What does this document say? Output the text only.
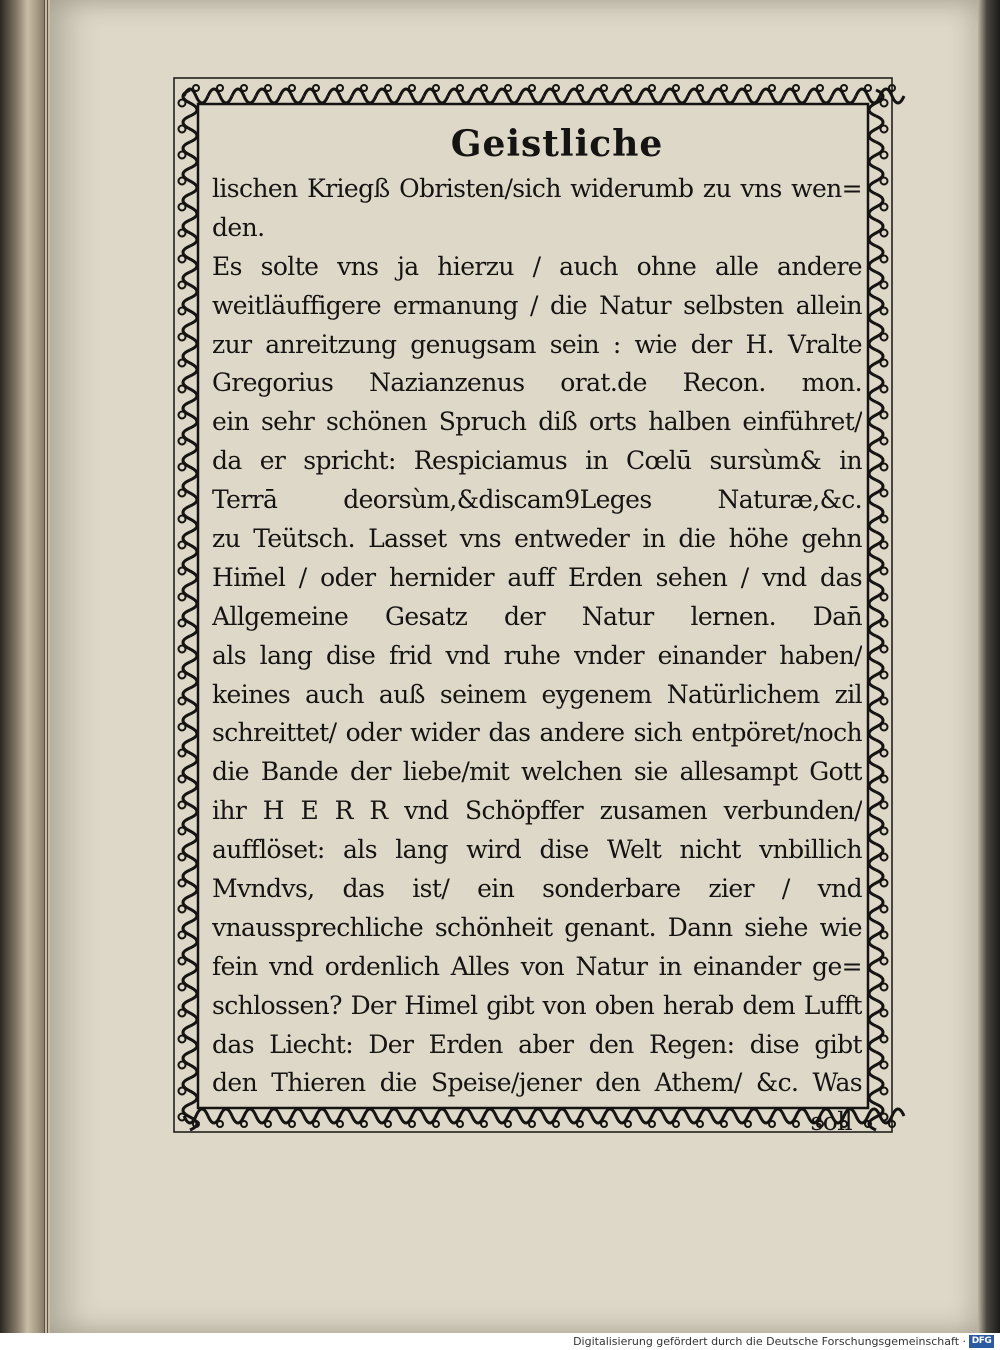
Geistliche
lischen Kriegß Obristen/sich widerumb zu vns wen=
den.
Es solte vns ja hierzu / auch ohne alle andere
weitläuffigere ermanung / die Natur selbsten allein
zur anreitzung genugsam sein : wie der H. Vralte
Gregorius Nazianzenus orat.de Recon. mon.
ein sehr schönen Spruch diß orts halben einführet/
da er spricht: Respiciamus in Cœlū sursùm& in
Terrā deorsùm,&discam9Leges Naturæ,&c.
zu Teütsch. Lasset vns entweder in die höhe gehn
Him̄el / oder hernider auff Erden sehen / vnd das
Allgemeine Gesatz der Natur lernen. Dan̄
als lang dise frid vnd ruhe vnder einander haben/
keines auch auß seinem eygenem Natürlichem zil
schreittet/ oder wider das andere sich entpöret/noch
die Bande der liebe/mit welchen sie allesampt Gott
ihr H E R R vnd Schöpffer zusamen verbunden/
aufflöset: als lang wird dise Welt nicht vnbillich
Mvndvs, das ist/ ein sonderbare zier / vnd
vnaussprechliche schönheit genant. Dann siehe wie
fein vnd ordenlich Alles von Natur in einander ge=
schlossen? Der Himel gibt von oben herab dem Lufft
das Liecht: Der Erden aber den Regen: dise gibt
den Thieren die Speise/jener den Athem/ &c. Was
soll
Digitalisierung gefördert durch die Deutsche Forschungsgemeinschaft · DFG
